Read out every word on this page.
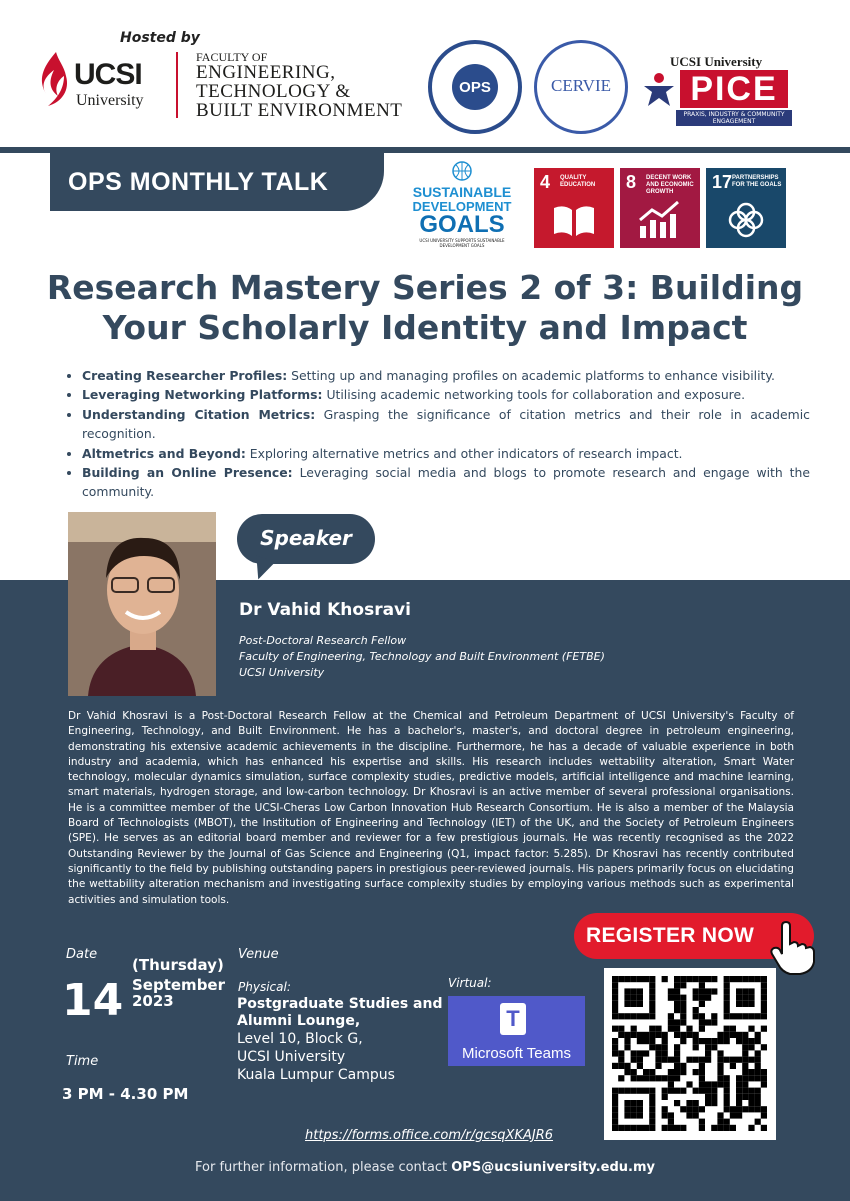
Hosted by
UCSI
University
FACULTY OF
ENGINEERING,
TECHNOLOGY &
BUILT ENVIRONMENT
OPS	CERVIE
UCSI University
PICE
PRAXIS, INDUSTRY & COMMUNITY ENGAGEMENT
OPS MONTHLY TALK	SUSTAINABLE
DEVELOPMENT
GOALS
UCSI UNIVERSITY SUPPORTS SUSTAINABLE DEVELOPMENT GOALS
4 QUALITY EDUCATION	8 DECENT WORK AND ECONOMIC GROWTH	17 PARTNERSHIPS FOR THE GOALS
Research Mastery Series 2 of 3: Building Your Scholarly Identity and Impact
• Creating Researcher Profiles: Setting up and managing profiles on academic platforms to enhance visibility.
• Leveraging Networking Platforms: Utilising academic networking tools for collaboration and exposure.
• Understanding Citation Metrics: Grasping the significance of citation metrics and their role in academic recognition.
• Altmetrics and Beyond: Exploring alternative metrics and other indicators of research impact.
• Building an Online Presence: Leveraging social media and blogs to promote research and engage with the community.
Speaker
Dr Vahid Khosravi
Post-Doctoral Research Fellow
Faculty of Engineering, Technology and Built Environment (FETBE)
UCSI University

Dr Vahid Khosravi is a Post-Doctoral Research Fellow at the Chemical and Petroleum Department of UCSI University's Faculty of Engineering, Technology, and Built Environment. He has a bachelor's, master's, and doctoral degree in petroleum engineering, demonstrating his extensive academic achievements in the discipline. Furthermore, he has a decade of valuable experience in both industry and academia, which has enhanced his expertise and skills. His research includes wettability alteration, Smart Water technology, molecular dynamics simulation, surface complexity studies, predictive models, artificial intelligence and machine learning, smart materials, hydrogen storage, and low-carbon technology. Dr Khosravi is an active member of several professional organisations. He is a committee member of the UCSI-Cheras Low Carbon Innovation Hub Research Consortium. He is also a member of the Malaysia Board of Technologists (MBOT), the Institution of Engineering and Technology (IET) of the UK, and the Society of Petroleum Engineers (SPE). He serves as an editorial board member and reviewer for a few prestigious journals. He was recently recognised as the 2022 Outstanding Reviewer by the Journal of Gas Science and Engineering (Q1, impact factor: 5.285). Dr Khosravi has recently contributed significantly to the field by publishing outstanding papers in prestigious peer-reviewed journals. His papers primarily focus on elucidating the wettability alteration mechanism and investigating surface complexity studies by employing various methods such as experimental activities and simulation tools.

Date
14
(Thursday)
September
2023
Time
3 PM - 4.30 PM
Venue
Physical:
Postgraduate Studies and
Alumni Lounge,
Level 10, Block G,
UCSI University
Kuala Lumpur Campus
Virtual:
T
Microsoft Teams
REGISTER NOW
https://forms.office.com/r/gcsqXKAJR6
For further information, please contact OPS@ucsiuniversity.edu.my
